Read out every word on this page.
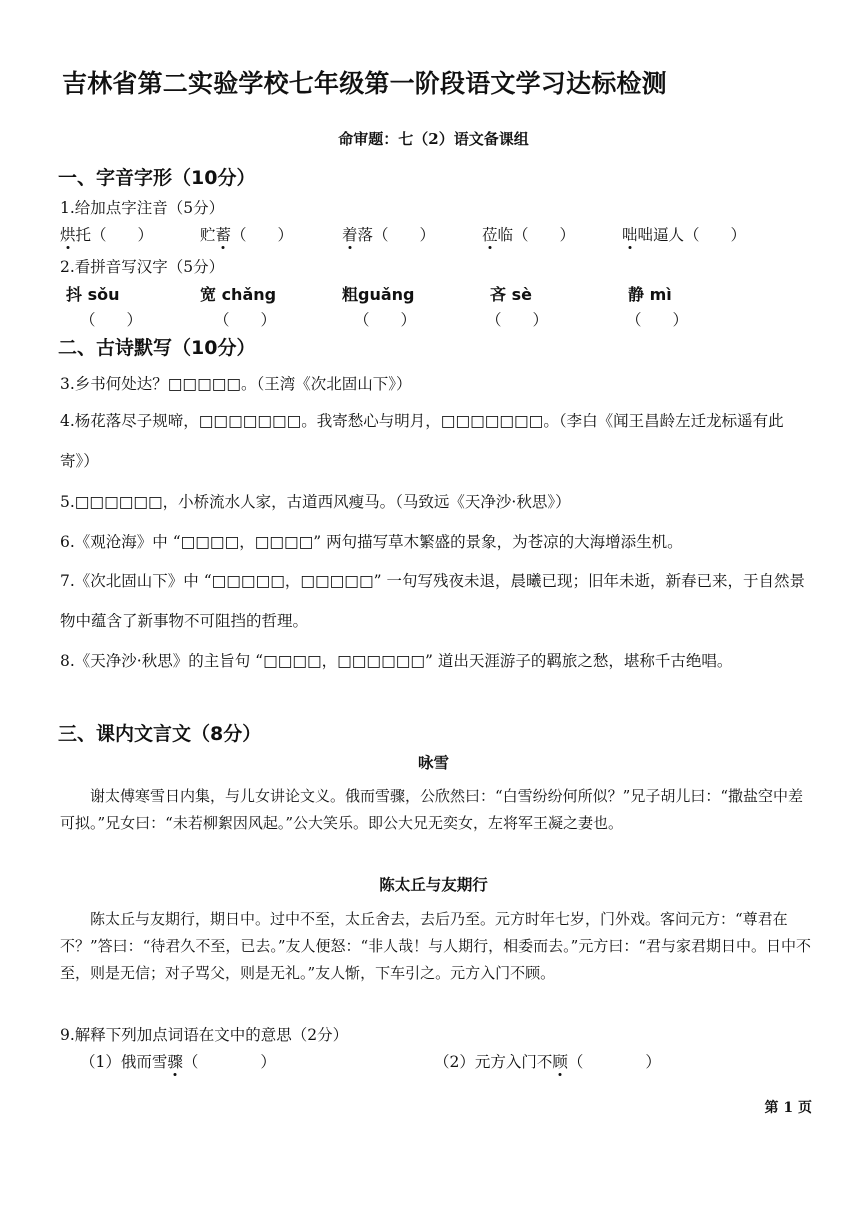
吉林省第二实验学校七年级第一阶段语文学习达标检测
命审题：七（2）语文备课组
一、字音字形（10分）
1.给加点字注音（5分）
烘托（　　）	贮蓄（　　）	着落（　　）	莅临（　　）	咄咄逼人（　　）
2.看拼音写汉字（5分）
抖 sǒu	宽 chǎng	粗guǎng	吝 sè	静 mì
（　　）	（　　）	（　　）	（　　）	（　　）
二、古诗默写（10分）
3.乡书何处达？□□□□□。（王湾《次北固山下》）
4.杨花落尽子规啼，□□□□□□□。我寄愁心与明月，□□□□□□□。（李白《闻王昌龄左迁龙标遥有此寄》）
5.□□□□□□，小桥流水人家，古道西风瘦马。（马致远《天净沙·秋思》）
6.《观沧海》中 “□□□□，□□□□” 两句描写草木繁盛的景象，为苍凉的大海增添生机。
7.《次北固山下》中 “□□□□□，□□□□□” 一句写残夜未退，晨曦已现；旧年未逝，新春已来，于自然景物中蕴含了新事物不可阻挡的哲理。
8.《天净沙·秋思》的主旨句 “□□□□，□□□□□□” 道出天涯游子的羁旅之愁，堪称千古绝唱。
三、课内文言文（8分）
咏雪
谢太傅寒雪日内集，与儿女讲论文义。俄而雪骤，公欣然曰：“白雪纷纷何所似？”兄子胡儿曰：“撒盐空中差可拟。”兄女曰：“未若柳絮因风起。”公大笑乐。即公大兄无奕女，左将军王凝之妻也。
陈太丘与友期行
陈太丘与友期行，期日中。过中不至，太丘舍去，去后乃至。元方时年七岁，门外戏。客问元方：“尊君在不？”答曰：“待君久不至，已去。”友人便怒：“非人哉！与人期行，相委而去。”元方曰：“君与家君期日中。日中不至，则是无信；对子骂父，则是无礼。”友人惭，下车引之。元方入门不顾。
9.解释下列加点词语在文中的意思（2分）
（1）俄而雪骤（　　　　）	（2）元方入门不顾（　　　　）
第 1 页
